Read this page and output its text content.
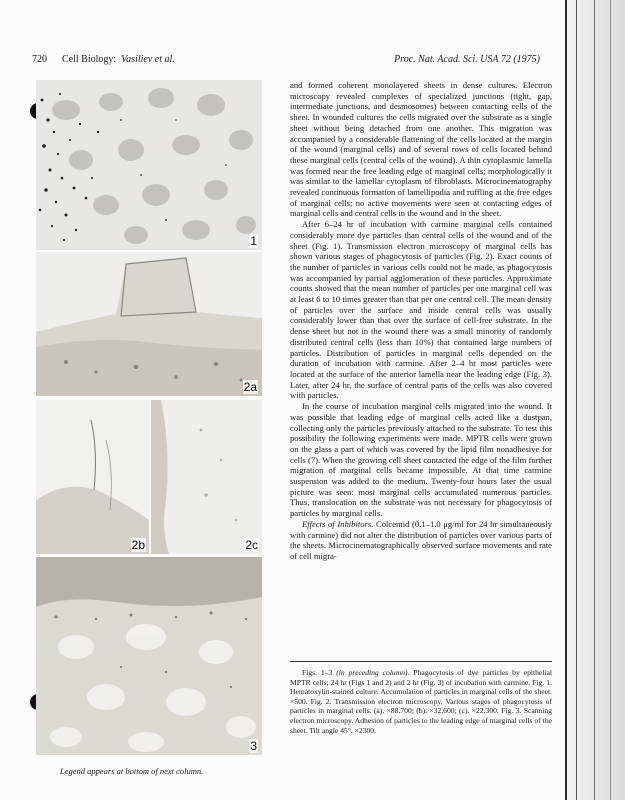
720 Cell Biology: Vasiliev et al.	Proc. Nat. Acad. Sci. USA 72 (1975)
1
2a
2b	2c
3
Legend appears at bottom of next column.

and formed coherent monolayered sheets in dense cultures. Electron microscopy revealed complexes of specialized junctions (tight, gap, intermediate junctions, and desmosomes) between contacting cells of the sheet. In wounded cultures the cells migrated over the substrate as a single sheet without being detached from one another. This migration was accompanied by a considerable flattening of the cells located at the margin of the wound (marginal cells) and of several rows of cells located behind these marginal cells (central cells of the wound). A thin cytoplasmic lamella was formed near the free leading edge of marginal cells; morphologically it was similar to the lamellar cytoplasm of fibroblasts. Microcinematography revealed continuous formation of lamellipodia and ruffling at the free edges of marginal cells; no active movements were seen at contacting edges of marginal cells and central cells in the wound and in the sheet.

After 6–24 hr of incubation with carmine marginal cells contained considerably more dye particles than central cells of the wound and of the sheet (Fig. 1). Transmission electron microscopy of marginal cells has shown various stages of phagocytosis of particles (Fig. 2). Exact counts of the number of particles in various cells could not be made, as phagocytosis was accompanied by partial agglomeration of these particles. Approximate counts showed that the mean number of particles per one marginal cell was at least 6 to 10 times greater than that per one central cell. The mean density of particles over the surface and inside central cells was usually considerably lower than that over the surface of cell-free substrate. In the dense sheet but not in the wound there was a small minority of randomly distributed central cells (less than 10%) that contained large numbers of particles. Distribution of particles in marginal cells depended on the duration of incubation with carmine. After 2–4 hr most particles were located at the surface of the anterior lamella near the leading edge (Fig. 3). Later, after 24 hr, the surface of central parts of the cells was also covered with particles.

In the course of incubation marginal cells migrated into the wound. It was possible that leading edge of marginal cells acted like a dustpan, collecting only the particles previously attached to the substrate. To test this possibility the following experiments were made. MPTR cells were grown on the glass a part of which was covered by the lipid film nonadhesive for cells (7). When the growing cell sheet contacted the edge of the film further migration of marginal cells became impossible. At that time carmine suspension was added to the medium. Twenty-four hours later the usual picture was seen: most marginal cells accumulated numerous particles. Thus, translocation on the substrate was not necessary for phagocytosis of particles by marginal cells.

Effects of Inhibitors. Colcemid (0.1–1.0 μg/ml for 24 hr simultaneously with carmine) did not alter the distribution of particles over various parts of the sheets. Microcinematographically observed surface movements and rate of cell migra-

Figs. 1–3 (in preceding column). Phagocytosis of dye particles by epithelial MPTR cells; 24 hr (Figs 1 and 2) and 2 hr (Fig. 3) of incubation with carmine. Fig. 1. Hematoxylin-stained culture. Accumulation of particles in marginal cells of the sheet. ×500. Fig. 2. Transmission electron microscopy. Various stages of phagocytosis of particles in marginal cells. (a), ×88,700; (b), ×32,600; (c), ×22,300. Fig. 3. Scanning electron microscopy. Adhesion of particles to the leading edge of marginal cells of the sheet. Tilt angle 45°. ×2300.
